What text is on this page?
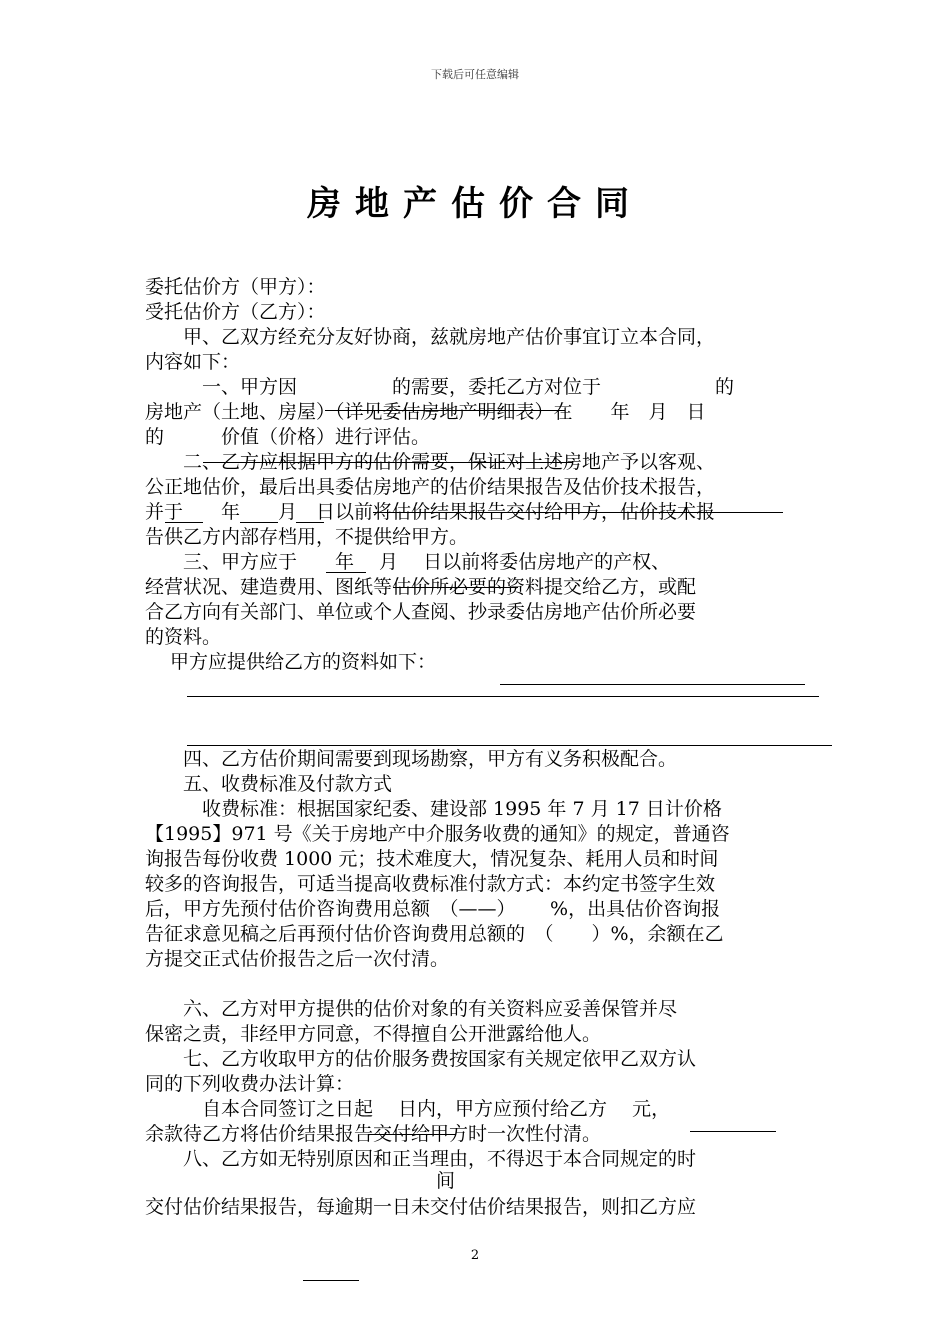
下载后可任意编辑
房地产估价合同
委托估价方（甲方）：
受托估价方（乙方）：
　　甲、乙双方经充分友好协商，兹就房地产估价事宜订立本合同，
内容如下：
　　　一、甲方因　　　　　的需要，委托乙方对位于　　　　　　的
房地产（土地、房屋）（详见委估房地产明细表）在　　年　月　日
的　　　价值（价格）进行评估。
　　二、乙方应根据甲方的估价需要，保证对上述房地产予以客观、
公正地估价，最后出具委估房地产的估价结果报告及估价技术报告，
并于　　年　　月　日以前将估价结果报告交付给甲方，估价技术报
告供乙方内部存档用，不提供给甲方。
　　三、甲方应于　　年　 月　 日以前将委估房地产的产权、
经营状况、建造费用、图纸等估价所必要的资料提交给乙方，或配
合乙方向有关部门、单位或个人查阅、抄录委估房地产估价所必要
的资料。
　 甲方应提供给乙方的资料如下：
　　四、乙方估价期间需要到现场勘察，甲方有义务积极配合。
　　五、收费标准及付款方式
　　　收费标准：根据国家纪委、建设部 1995 年 7 月 17 日计价格
【1995】971 号《关于房地产中介服务收费的通知》的规定，普通咨
询报告每份收费 1000 元；技术难度大，情况复杂、耗用人员和时间
较多的咨询报告，可适当提高收费标准付款方式：本约定书签字生效
后，甲方先预付估价咨询费用总额　（——）　　 %，出具估价咨询报
告征求意见稿之后再预付估价咨询费用总额的　（　　）%，余额在乙
方提交正式估价报告之后一次付清。
　　六、乙方对甲方提供的估价对象的有关资料应妥善保管并尽
保密之责，非经甲方同意，不得擅自公开泄露给他人。
　　七、乙方收取甲方的估价服务费按国家有关规定依甲乙双方认
同的下列收费办法计算：
　　　自本合同签订之日起　 日内，甲方应预付给乙方　 元，
余款待乙方将估价结果报告交付给甲方时一次性付清。
　　八、乙方如无特别原因和正当理由，不得迟于本合同规定的时
间
交付估价结果报告，每逾期一日未交付估价结果报告，则扣乙方应
2
